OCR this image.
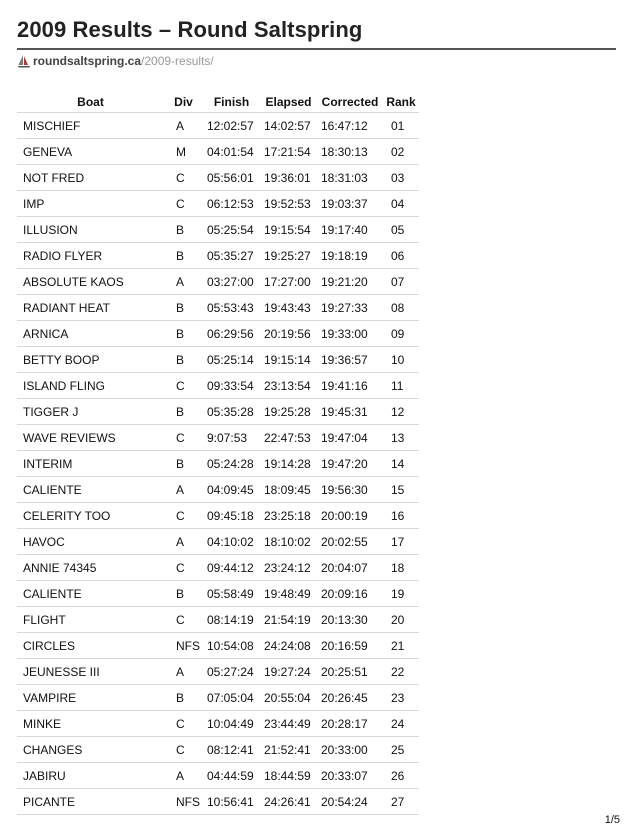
2009 Results – Round Saltspring
roundsaltspring.ca /2009-results/
Boat	Div	Finish	Elapsed	Corrected	Rank
MISCHIEF	A	12:02:57	14:02:57	16:47:12	01
GENEVA	M	04:01:54	17:21:54	18:30:13	02
NOT FRED	C	05:56:01	19:36:01	18:31:03	03
IMP	C	06:12:53	19:52:53	19:03:37	04
ILLUSION	B	05:25:54	19:15:54	19:17:40	05
RADIO FLYER	B	05:35:27	19:25:27	19:18:19	06
ABSOLUTE KAOS	A	03:27:00	17:27:00	19:21:20	07
RADIANT HEAT	B	05:53:43	19:43:43	19:27:33	08
ARNICA	B	06:29:56	20:19:56	19:33:00	09
BETTY BOOP	B	05:25:14	19:15:14	19:36:57	10
ISLAND FLING	C	09:33:54	23:13:54	19:41:16	11
TIGGER J	B	05:35:28	19:25:28	19:45:31	12
WAVE REVIEWS	C	9:07:53	22:47:53	19:47:04	13
INTERIM	B	05:24:28	19:14:28	19:47:20	14
CALIENTE	A	04:09:45	18:09:45	19:56:30	15
CELERITY TOO	C	09:45:18	23:25:18	20:00:19	16
HAVOC	A	04:10:02	18:10:02	20:02:55	17
ANNIE 74345	C	09:44:12	23:24:12	20:04:07	18
CALIENTE	B	05:58:49	19:48:49	20:09:16	19
FLIGHT	C	08:14:19	21:54:19	20:13:30	20
CIRCLES	NFS	10:54:08	24:24:08	20:16:59	21
JEUNESSE III	A	05:27:24	19:27:24	20:25:51	22
VAMPIRE	B	07:05:04	20:55:04	20:26:45	23
MINKE	C	10:04:49	23:44:49	20:28:17	24
CHANGES	C	08:12:41	21:52:41	20:33:00	25
JABIRU	A	04:44:59	18:44:59	20:33:07	26
PICANTE	NFS	10:56:41	24:26:41	20:54:24	27
1/5
